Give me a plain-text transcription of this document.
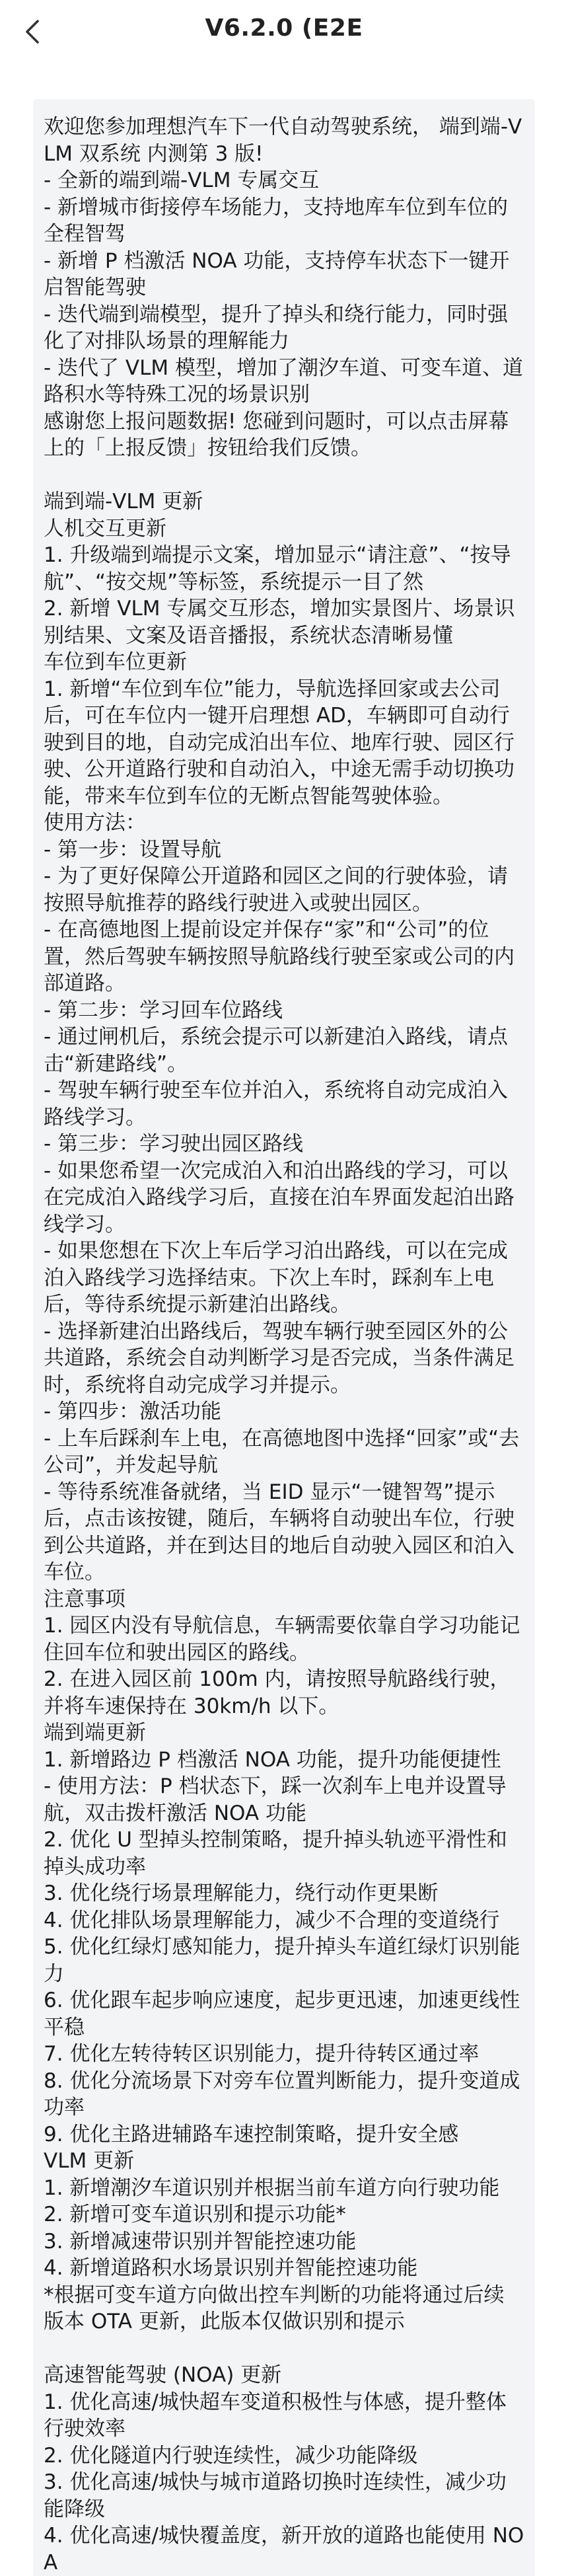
V6.2.0 (E2E

欢迎您参加理想汽车下一代自动驾驶系统， 端到端-VLM 双系统 内测第 3 版!

- 全新的端到端-VLM 专属交互

- 新增城市街接停车场能力，支持地库车位到车位的全程智驾

- 新增 P 档激活 NOA 功能，支持停车状态下一键开启智能驾驶

- 迭代端到端模型，提升了掉头和绕行能力，同时强化了对排队场景的理解能力

- 迭代了 VLM 模型，增加了潮汐车道、可变车道、道路积水等特殊工况的场景识别

感谢您上报问题数据! 您碰到问题时，可以点击屏幕上的「上报反馈」按钮给我们反馈。

端到端-VLM 更新

人机交互更新

1. 升级端到端提示文案，增加显示“请注意”、“按导航”、“按交规”等标签，系统提示一目了然

2. 新增 VLM 专属交互形态，增加实景图片、场景识别结果、文案及语音播报，系统状态清晰易懂

车位到车位更新

1. 新增“车位到车位”能力，导航选择回家或去公司后，可在车位内一键开启理想 AD，车辆即可自动行驶到目的地，自动完成泊出车位、地库行驶、园区行驶、公开道路行驶和自动泊入，中途无需手动切换功能，带来车位到车位的无断点智能驾驶体验。

使用方法：

- 第一步：设置导航

- 为了更好保障公开道路和园区之间的行驶体验，请按照导航推荐的路线行驶进入或驶出园区。

- 在高德地图上提前设定并保存“家”和“公司”的位置，然后驾驶车辆按照导航路线行驶至家或公司的内部道路。

- 第二步：学习回车位路线

- 通过闸机后，系统会提示可以新建泊入路线，请点击“新建路线”。

- 驾驶车辆行驶至车位并泊入，系统将自动完成泊入路线学习。

- 第三步：学习驶出园区路线

- 如果您希望一次完成泊入和泊出路线的学习，可以在完成泊入路线学习后，直接在泊车界面发起泊出路线学习。

- 如果您想在下次上车后学习泊出路线，可以在完成泊入路线学习选择结束。下次上车时，踩刹车上电后，等待系统提示新建泊出路线。

- 选择新建泊出路线后，驾驶车辆行驶至园区外的公共道路，系统会自动判断学习是否完成，当条件满足时，系统将自动完成学习并提示。

- 第四步：激活功能

- 上车后踩刹车上电，在高德地图中选择“回家”或“去公司”，并发起导航

- 等待系统准备就绪，当 EID 显示“一键智驾”提示后，点击该按键，随后，车辆将自动驶出车位，行驶到公共道路，并在到达目的地后自动驶入园区和泊入车位。

注意事项

1. 园区内没有导航信息，车辆需要依靠自学习功能记住回车位和驶出园区的路线。

2. 在进入园区前 100m 内，请按照导航路线行驶，并将车速保持在 30km/h 以下。

端到端更新

1. 新增路边 P 档激活 NOA 功能，提升功能便捷性

- 使用方法：P 档状态下，踩一次刹车上电并设置导航，双击拨杆激活 NOA 功能

2. 优化 U 型掉头控制策略，提升掉头轨迹平滑性和掉头成功率

3. 优化绕行场景理解能力，绕行动作更果断

4. 优化排队场景理解能力，减少不合理的变道绕行

5. 优化红绿灯感知能力，提升掉头车道红绿灯识别能力

6. 优化跟车起步响应速度，起步更迅速，加速更线性平稳

7. 优化左转待转区识别能力，提升待转区通过率

8. 优化分流场景下对旁车位置判断能力，提升变道成功率

9. 优化主路进辅路车速控制策略，提升安全感

VLM 更新

1. 新增潮汐车道识别并根据当前车道方向行驶功能

2. 新增可变车道识别和提示功能*

3. 新增减速带识别并智能控速功能

4. 新增道路积水场景识别并智能控速功能

*根据可变车道方向做出控车判断的功能将通过后续版本 OTA 更新，此版本仅做识别和提示

高速智能驾驶 (NOA) 更新

1. 优化高速/城快超车变道积极性与体感，提升整体行驶效率

2. 优化隧道内行驶连续性，减少功能降级

3. 优化高速/城快与城市道路切换时连续性，减少功能降级

4. 优化高速/城快覆盖度，新开放的道路也能使用 NOA
